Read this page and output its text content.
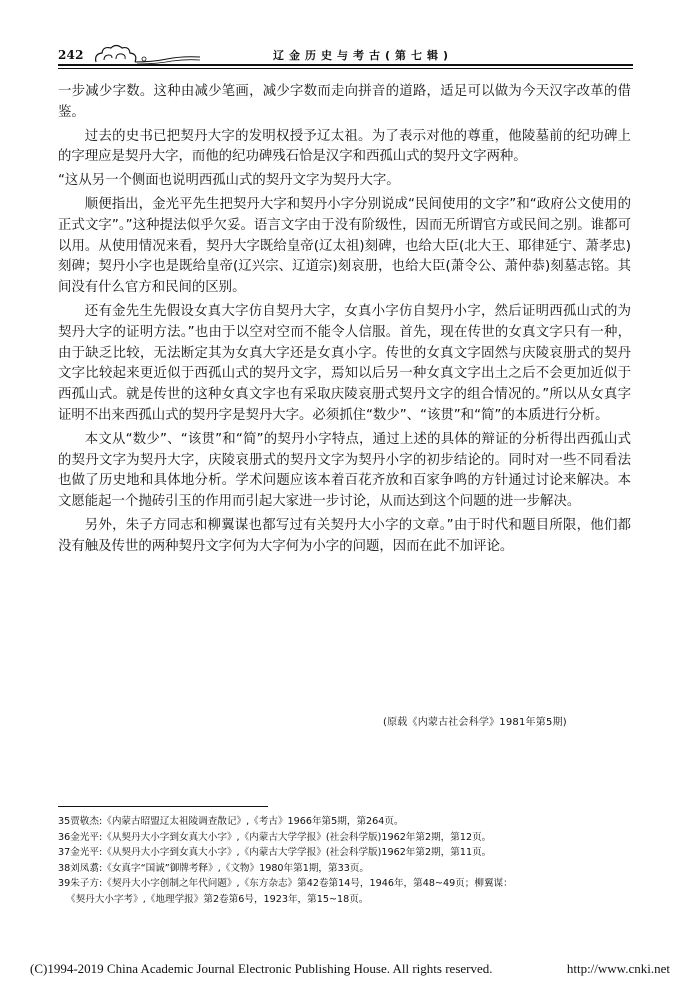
242	辽金历史与考古(第七辑)

一步减少字数。这种由减少笔画，减少字数而走向拼音的道路，适足可以做为今天汉字改革的借鉴。

过去的史书已把契丹大字的发明权授予辽太祖。为了表示对他的尊重，他陵墓前的纪功碑上的字理应是契丹大字，而他的纪功碑残石恰是汉字和西孤山式的契丹文字两种。

“这从另一个侧面也说明西孤山式的契丹文字为契丹大字。

顺便指出，金光平先生把契丹大字和契丹小字分别说成“民间使用的文字”和“政府公文使用的正式文字”。”这种提法似乎欠妥。语言文字由于没有阶级性，因而无所谓官方或民间之别。谁都可以用。从使用情况来看，契丹大字既给皇帝(辽太祖)刻碑，也给大臣(北大王、耶律延宁、萧孝忠)刻碑；契丹小字也是既给皇帝(辽兴宗、辽道宗)刻哀册，也给大臣(萧令公、萧仲恭)刻墓志铭。其间没有什么官方和民间的区别。

还有金先生先假设女真大字仿自契丹大字，女真小字仿自契丹小字，然后证明西孤山式的为契丹大字的证明方法。”也由于以空对空而不能令人信服。首先，现在传世的女真文字只有一种，由于缺乏比较，无法断定其为女真大字还是女真小字。传世的女真文字固然与庆陵哀册式的契丹文字比较起来更近似于西孤山式的契丹文字，焉知以后另一种女真文字出土之后不会更加近似于西孤山式。就是传世的这种女真文字也有采取庆陵哀册式契丹文字的组合情况的。”所以从女真字证明不出来西孤山式的契丹字是契丹大字。必须抓住“数少”、“该贯”和“简”的本质进行分析。

本文从“数少”、“该贯”和“简”的契丹小字特点，通过上述的具体的辩证的分析得出西孤山式的契丹文字为契丹大字，庆陵哀册式的契丹文字为契丹小字的初步结论的。同时对一些不同看法也做了历史地和具体地分析。学术问题应该本着百花齐放和百家争鸣的方针通过讨论来解决。本文愿能起一个抛砖引玉的作用而引起大家进一步讨论，从而达到这个问题的进一步解决。

另外，朱子方同志和柳翼谋也都写过有关契丹大小字的文章。”由于时代和题目所限，他们都没有触及传世的两种契丹文字何为大字何为小字的问题，因而在此不加评论。

(原载《内蒙古社会科学》1981年第5期)

35贾敬杰:《内蒙古昭盟辽太祖陵调查散记》,《考古》1966年第5期，第264页。

36金光平:《从契丹大小字到女真大小字》,《内蒙古大学学报》(社会科学版)1962年第2期，第12页。

37金光平:《从契丹大小字到女真大小字》,《内蒙古大学学报》(社会科学版)1962年第2期，第11页。

38刘凤翥:《女真字“国诚”御牌考释》,《文物》1980年第1期，第33页。

39朱子方:《契丹大小字创制之年代问题》,《东方杂志》第42卷第14号，1946年，第48~49页；柳翼谋：

《契丹大小字考》,《地理学报》第2卷第6号，1923年，第15~18页。

(C)1994-2019 China Academic Journal Electronic Publishing House. All rights reserved.	http://www.cnki.net
